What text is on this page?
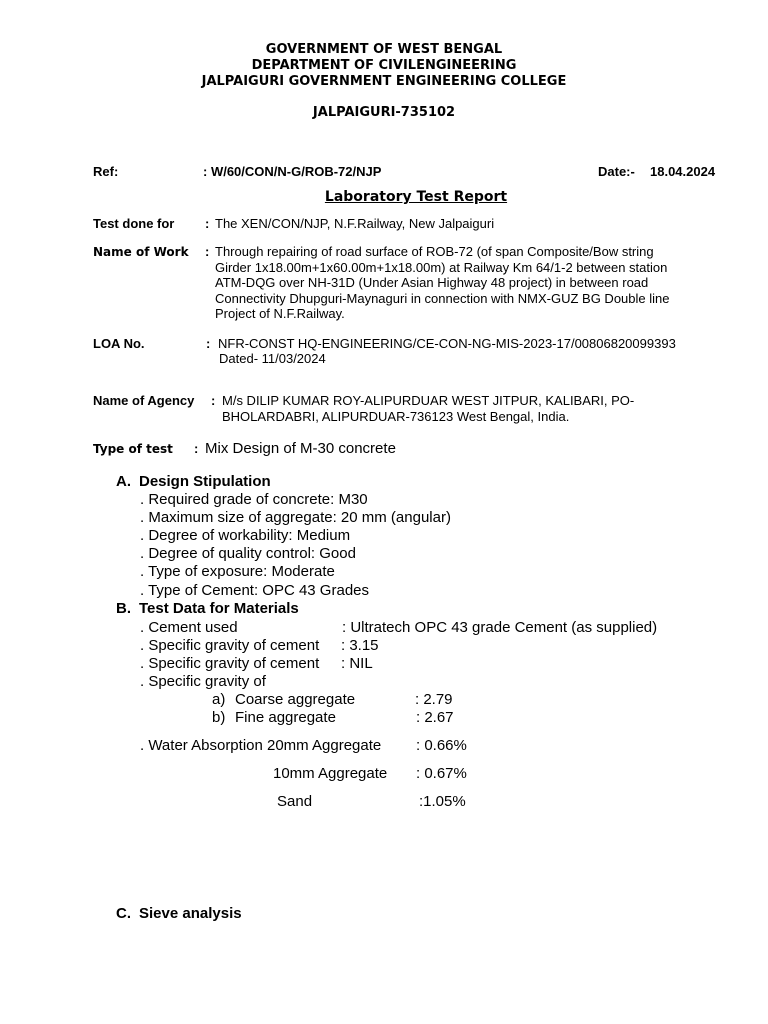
GOVERNMENT OF WEST BENGAL
DEPARTMENT OF CIVILENGINEERING
JALPAIGURI GOVERNMENT ENGINEERING COLLEGE
JALPAIGURI-735102
Ref:	: W/60/CON/N-G/ROB-72/NJP	Date:- 18.04.2024
Laboratory Test Report
Test done for : The XEN/CON/NJP, N.F.Railway, New Jalpaiguri
Name of Work : Through repairing of road surface of ROB-72 (of span Composite/Bow string
Girder 1x18.00m+1x60.00m+1x18.00m) at Railway Km 64/1-2 between station
ATM-DQG over NH-31D (Under Asian Highway 48 project) in between road
Connectivity Dhupguri-Maynaguri in connection with NMX-GUZ BG Double line
Project of N.F.Railway.
LOA No.	: NFR-CONST HQ-ENGINEERING/CE-CON-NG-MIS-2023-17/00806820099393
Dated- 11/03/2024
Name of Agency : M/s DILIP KUMAR ROY-ALIPURDUAR WEST JITPUR, KALIBARI, PO-
BHOLARDABRI, ALIPURDUAR-736123 West Bengal, India.
Type of test : Mix Design of M-30 concrete
A. Design Stipulation
. Required grade of concrete: M30
. Maximum size of aggregate: 20 mm (angular)
. Degree of workability: Medium
. Degree of quality control: Good
. Type of exposure: Moderate
. Type of Cement: OPC 43 Grades
B. Test Data for Materials
. Cement used	: Ultratech OPC 43 grade Cement (as supplied)
. Specific gravity of cement : 3.15
. Specific gravity of cement : NIL
. Specific gravity of
a) Coarse aggregate	: 2.79
b) Fine aggregate	: 2.67
. Water Absorption 20mm Aggregate : 0.66%
10mm Aggregate : 0.67%
Sand	:1.05%
C. Sieve analysis
